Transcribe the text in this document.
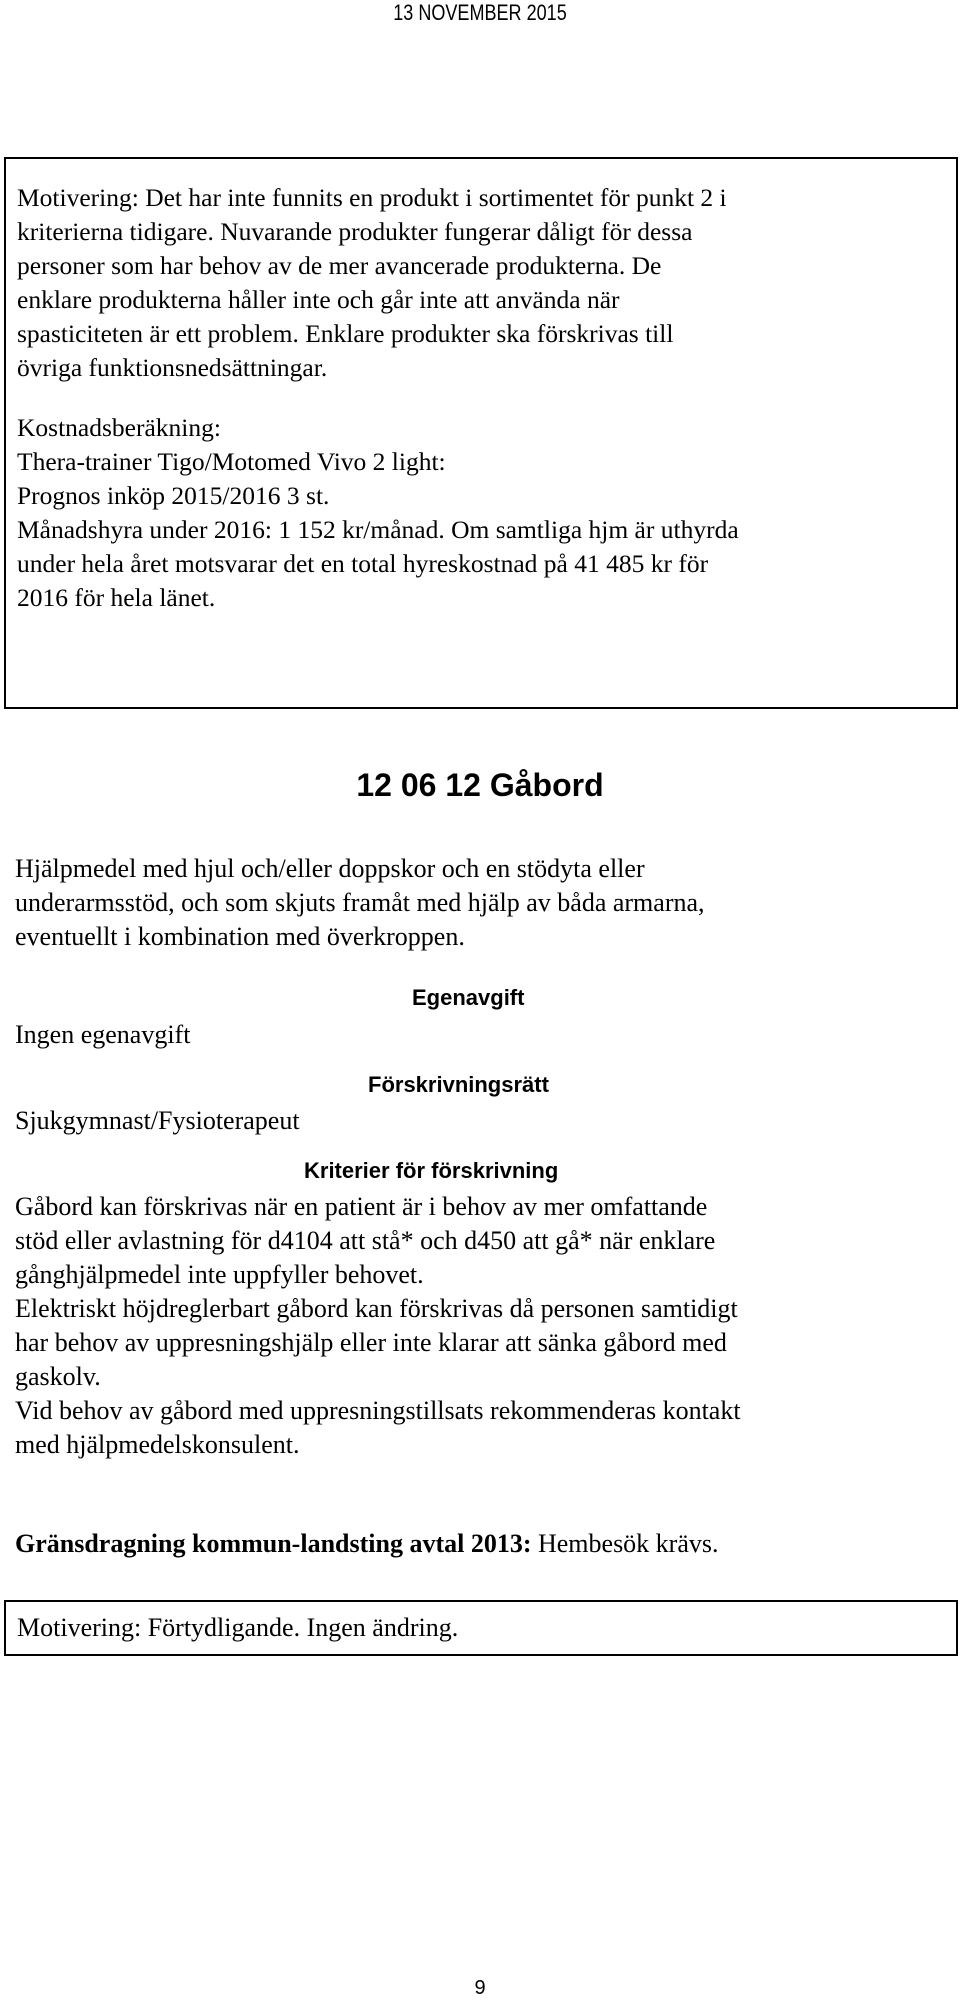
13 NOVEMBER 2015

Motivering: Det har inte funnits en produkt i sortimentet för punkt 2 i

kriterierna tidigare. Nuvarande produkter fungerar dåligt för dessa

personer som har behov av de mer avancerade produkterna. De

enklare produkterna håller inte och går inte att använda när

spasticiteten är ett problem. Enklare produkter ska förskrivas till

övriga funktionsnedsättningar.

Kostnadsberäkning:

Thera-trainer Tigo/Motomed Vivo 2 light:

Prognos inköp 2015/2016 3 st.

Månadshyra under 2016: 1 152 kr/månad. Om samtliga hjm är uthyrda

under hela året motsvarar det en total hyreskostnad på 41 485 kr för

2016 för hela länet.

12 06 12 Gåbord

Hjälpmedel med hjul och/eller doppskor och en stödyta eller

underarmsstöd, och som skjuts framåt med hjälp av båda armarna,

eventuellt i kombination med överkroppen.

Egenavgift

Ingen egenavgift

Förskrivningsrätt

Sjukgymnast/Fysioterapeut

Kriterier för förskrivning

Gåbord kan förskrivas när en patient är i behov av mer omfattande

stöd eller avlastning för d4104 att stå* och d450 att gå* när enklare

gånghjälpmedel inte uppfyller behovet.

Elektriskt höjdreglerbart gåbord kan förskrivas då personen samtidigt

har behov av uppresningshjälp eller inte klarar att sänka gåbord med

gaskolv.

Vid behov av gåbord med uppresningstillsats rekommenderas kontakt

med hjälpmedelskonsulent.

Gränsdragning kommun-landsting avtal 2013: Hembesök krävs.

Motivering: Förtydligande. Ingen ändring.

9
